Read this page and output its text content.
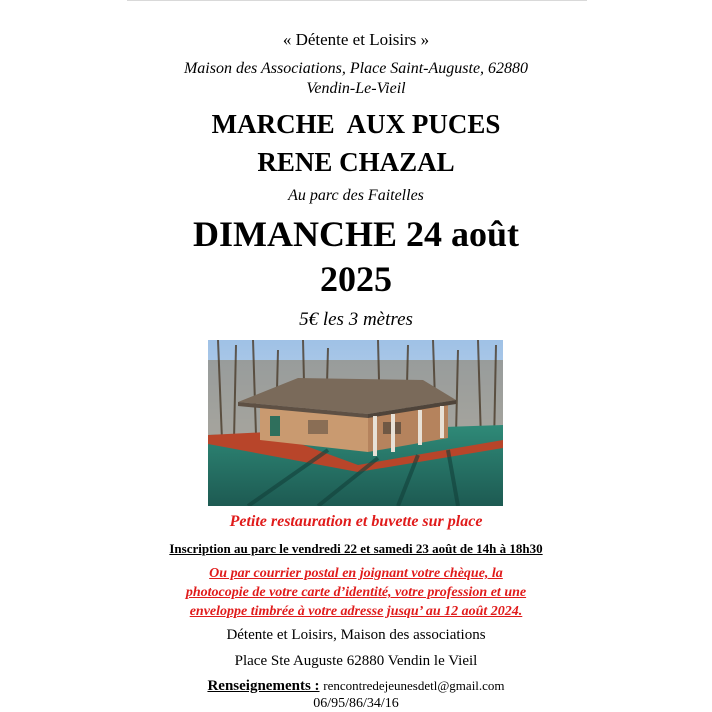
« Détente et Loisirs »
Maison des Associations, Place Saint-Auguste, 62880
Vendin-Le-Vieil
MARCHE  AUX PUCES
RENE CHAZAL
Au parc des Faitelles
DIMANCHE 24 août
2025
5€ les 3 mètres
Petite restauration et buvette sur place
Inscription au parc le vendredi 22 et samedi 23 août de 14h à 18h30
Ou par courrier postal en joignant votre chèque, la
photocopie de votre carte d’identité, votre profession et une
enveloppe timbrée à votre adresse jusqu’ au 12 août 2024.
Détente et Loisirs, Maison des associations
Place Ste Auguste 62880 Vendin le Vieil
Renseignements : rencontredejeunesdetl@gmail.com
06/95/86/34/16
